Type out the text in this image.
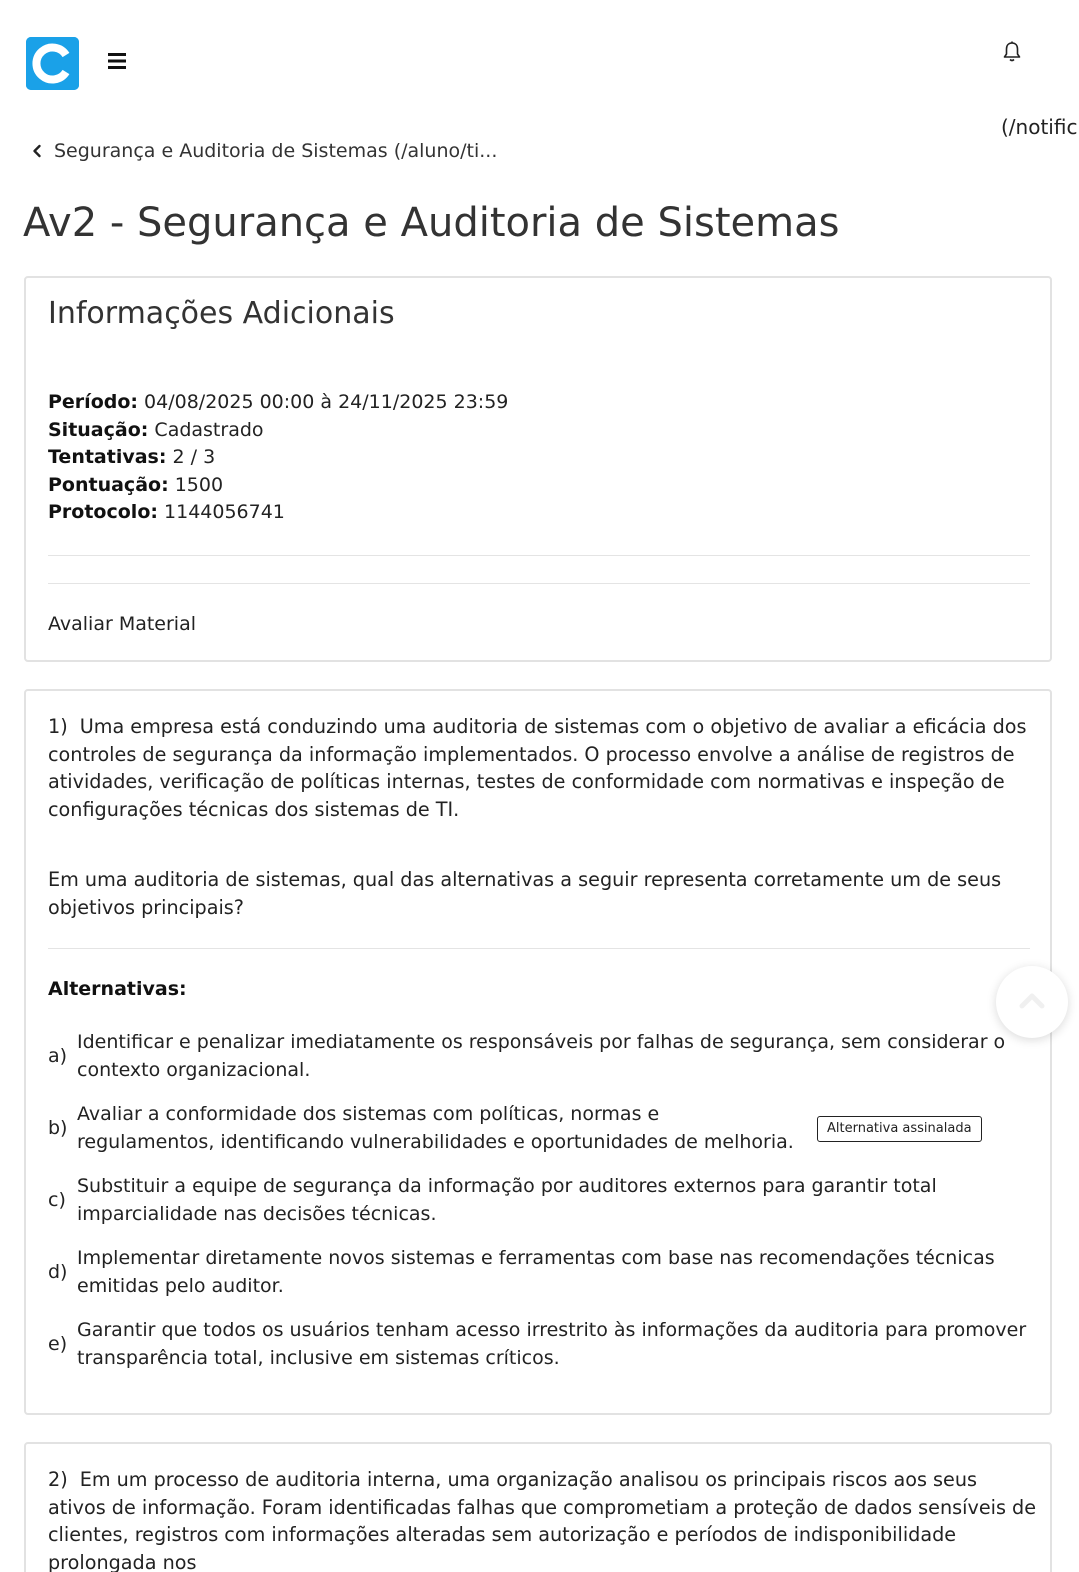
(/notific
Segurança e Auditoria de Sistemas (/aluno/ti...
Av2 - Segurança e Auditoria de Sistemas
Informações Adicionais
Período: 04/08/2025 00:00 à 24/11/2025 23:59
Situação: Cadastrado
Tentativas: 2 / 3
Pontuação: 1500
Protocolo: 1144056741
Avaliar Material

1) Uma empresa está conduzindo uma auditoria de sistemas com o objetivo de avaliar a eficácia dos controles de segurança da informação implementados. O processo envolve a análise de registros de atividades, verificação de políticas internas, testes de conformidade com normativas e inspeção de configurações técnicas dos sistemas de TI.

Em uma auditoria de sistemas, qual das alternativas a seguir representa corretamente um de seus objetivos principais?

Alternativas:

a)
Identificar e penalizar imediatamente os responsáveis por falhas de segurança, sem considerar o contexto organizacional.
b)
Avaliar a conformidade dos sistemas com políticas, normas e regulamentos, identificando vulnerabilidades e oportunidades de melhoria.
Alternativa assinalada
c)
Substituir a equipe de segurança da informação por auditores externos para garantir total imparcialidade nas decisões técnicas.
d)
Implementar diretamente novos sistemas e ferramentas com base nas recomendações técnicas emitidas pelo auditor.
e)
Garantir que todos os usuários tenham acesso irrestrito às informações da auditoria para promover transparência total, inclusive em sistemas críticos.

2) Em um processo de auditoria interna, uma organização analisou os principais riscos aos seus ativos de informação. Foram identificadas falhas que comprometiam a proteção de dados sensíveis de clientes, registros com informações alteradas sem autorização e períodos de indisponibilidade prolongada nos
